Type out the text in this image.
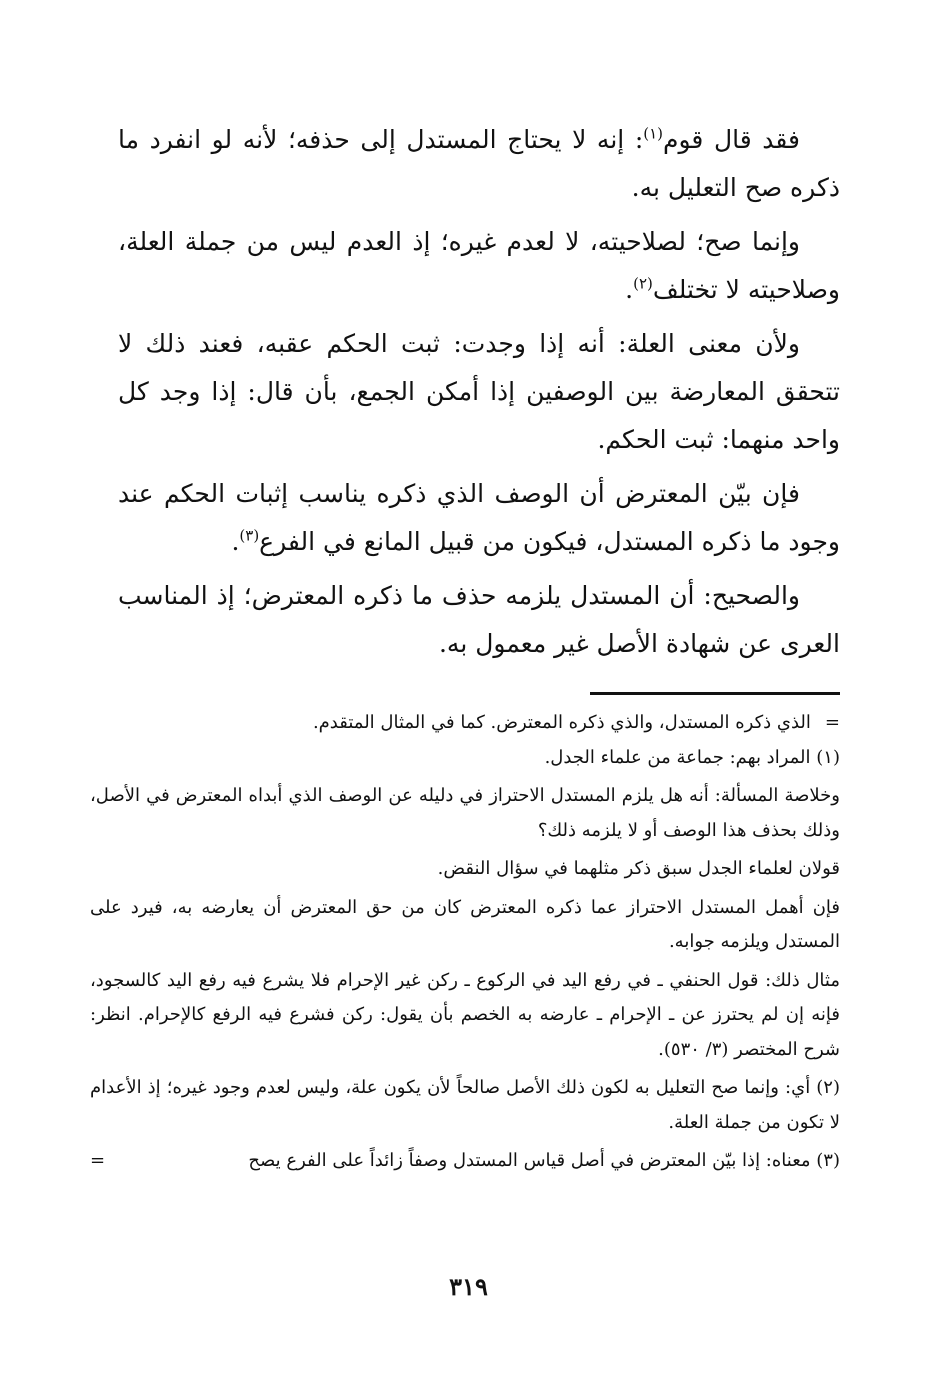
فقد قال قوم$^{(١)}$: إنه لا يحتاج المستدل إلى حذفه؛ لأنه لو انفرد ما ذكره صح التعليل به.

وإنما صح؛ لصلاحيته، لا لعدم غيره؛ إذ العدم ليس من جملة العلة، وصلاحيته لا تختلف$^{(٢)}$.

ولأن معنى العلة: أنه إذا وجدت: ثبت الحكم عقبه، فعند ذلك لا تتحقق المعارضة بين الوصفين إذا أمكن الجمع، بأن قال: إذا وجد كل واحد منهما: ثبت الحكم.

فإن بيّن المعترض أن الوصف الذي ذكره يناسب إثبات الحكم عند وجود ما ذكره المستدل، فيكون من قبيل المانع في الفرع$^{(٣)}$.

والصحيح: أن المستدل يلزمه حذف ما ذكره المعترض؛ إذ المناسب العرى عن شهادة الأصل غير معمول به.

=الذي ذكره المستدل، والذي ذكره المعترض. كما في المثال المتقدم.

(١) المراد بهم: جماعة من علماء الجدل.

وخلاصة المسألة: أنه هل يلزم المستدل الاحتراز في دليله عن الوصف الذي أبداه المعترض في الأصل، وذلك بحذف هذا الوصف أو لا يلزمه ذلك؟

قولان لعلماء الجدل سبق ذكر مثلهما في سؤال النقض.

فإن أهمل المستدل الاحتراز عما ذكره المعترض كان من حق المعترض أن يعارضه به، فيرد على المستدل ويلزمه جوابه.

مثال ذلك: قول الحنفي ـ في رفع اليد في الركوع ـ ركن غير الإحرام فلا يشرع فيه رفع اليد كالسجود، فإنه إن لم يحترز عن ـ الإحرام ـ عارضه به الخصم بأن يقول: ركن فشرع فيه الرفع كالإحرام. انظر: شرح المختصر (٣/ ٥٣٠).

(٢) أي: وإنما صح التعليل به لكون ذلك الأصل صالحاً لأن يكون علة، وليس لعدم وجود غيره؛ إذ الأعدام لا تكون من جملة العلة.

=	(٣) معناه: إذا بيّن المعترض في أصل قياس المستدل وصفاً زائداً على الفرع يصح

٣١٩
